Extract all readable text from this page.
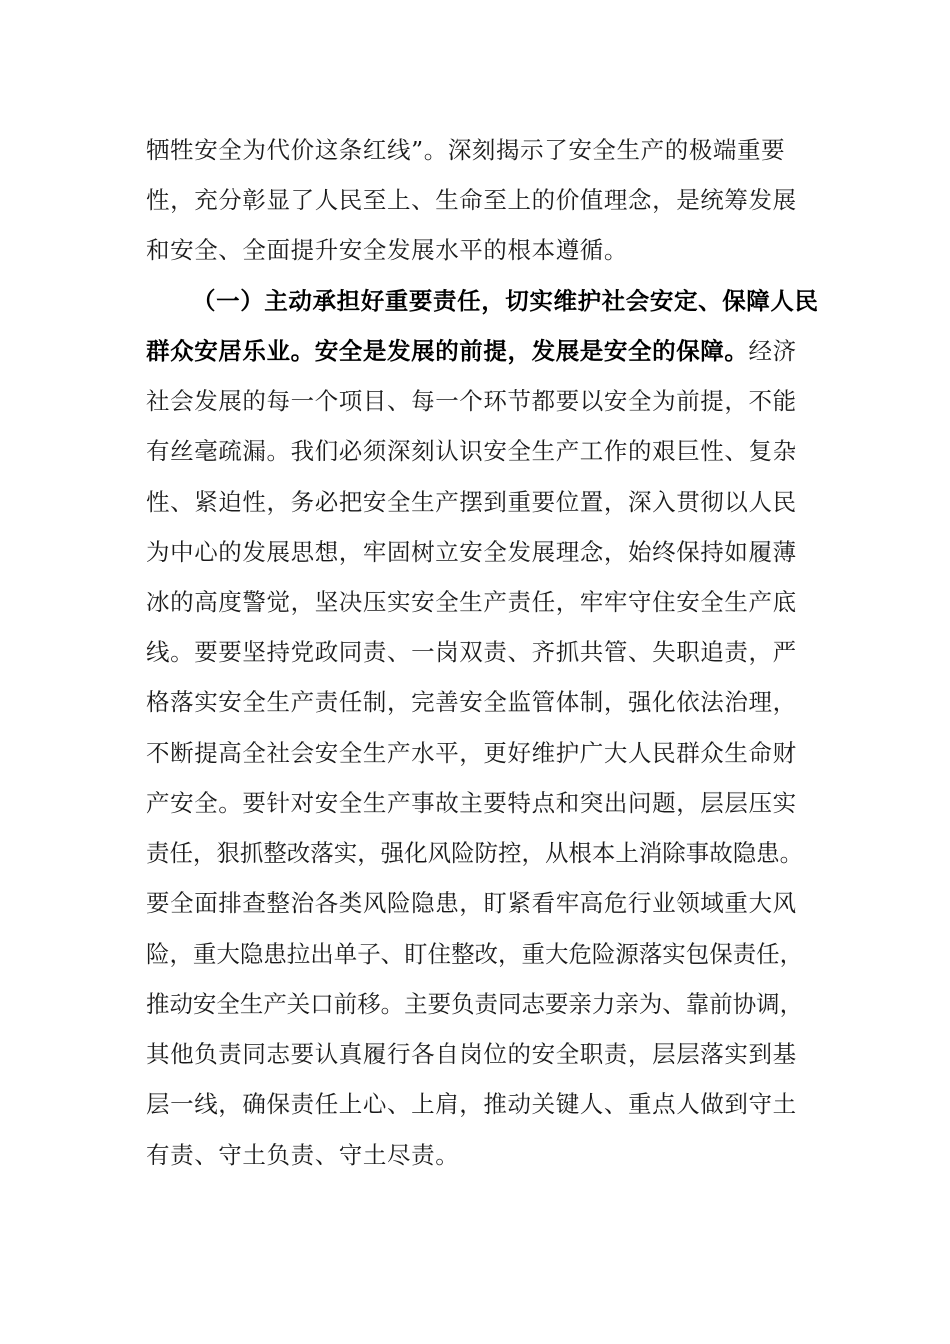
牺牲安全为代价这条红线”。深刻揭示了安全生产的极端重要
性，充分彰显了人民至上、生命至上的价值理念，是统筹发展
和安全、全面提升安全发展水平的根本遵循。
（一）主动承担好重要责任，切实维护社会安定、保障人民
群众安居乐业。安全是发展的前提，发展是安全的保障。经济
社会发展的每一个项目、每一个环节都要以安全为前提，不能
有丝毫疏漏。我们必须深刻认识安全生产工作的艰巨性、复杂
性、紧迫性，务必把安全生产摆到重要位置，深入贯彻以人民
为中心的发展思想，牢固树立安全发展理念，始终保持如履薄
冰的高度警觉，坚决压实安全生产责任，牢牢守住安全生产底
线。要要坚持党政同责、一岗双责、齐抓共管、失职追责，严
格落实安全生产责任制，完善安全监管体制，强化依法治理，
不断提高全社会安全生产水平，更好维护广大人民群众生命财
产安全。要针对安全生产事故主要特点和突出问题，层层压实
责任，狠抓整改落实，强化风险防控，从根本上消除事故隐患。
要全面排查整治各类风险隐患，盯紧看牢高危行业领域重大风
险，重大隐患拉出单子、盯住整改，重大危险源落实包保责任，
推动安全生产关口前移。主要负责同志要亲力亲为、靠前协调，
其他负责同志要认真履行各自岗位的安全职责，层层落实到基
层一线，确保责任上心、上肩，推动关键人、重点人做到守土
有责、守土负责、守土尽责。
